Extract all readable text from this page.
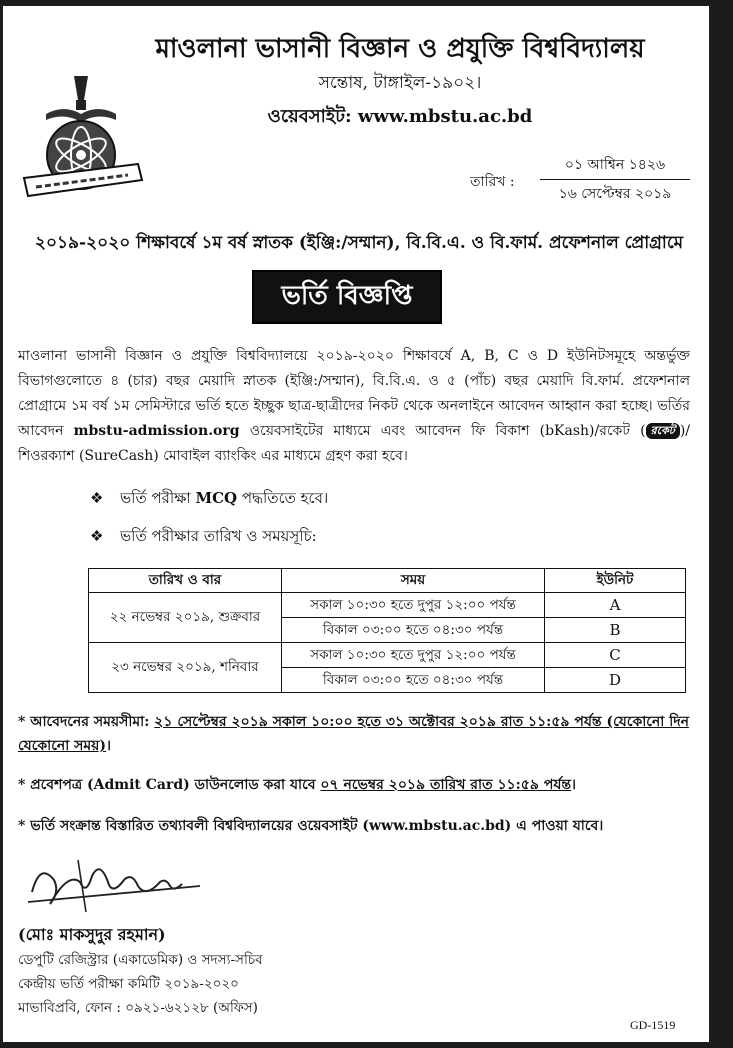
মাওলানা ভাসানী বিজ্ঞান ও প্রযুক্তি বিশ্ববিদ্যালয়
সন্তোষ, টাঙ্গাইল-১৯০২।
ওয়েবসাইট: www.mbstu.ac.bd
তারিখ :
০১ আশ্বিন ১৪২৬
১৬ সেপ্টেম্বর ২০১৯
২০১৯-২০২০ শিক্ষাবর্ষে ১ম বর্ষ স্নাতক (ইঞ্জি:/সম্মান), বি.বি.এ. ও বি.ফার্ম. প্রফেশনাল প্রোগ্রামে
ভর্তি বিজ্ঞপ্তি
মাওলানা ভাসানী বিজ্ঞান ও প্রযুক্তি বিশ্ববিদ্যালয়ে ২০১৯-২০২০ শিক্ষাবর্ষে A, B, C ও D ইউনিটসমূহে অন্তর্ভুক্ত বিভাগগুলোতে ৪ (চার) বছর মেয়াদি স্নাতক (ইঞ্জি:/সম্মান), বি.বি.এ. ও ৫ (পাঁচ) বছর মেয়াদি বি.ফার্ম. প্রফেশনাল প্রোগ্রামে ১ম বর্ষ ১ম সেমিস্টারে ভর্তি হতে ইচ্ছুক ছাত্র-ছাত্রীদের নিকট থেকে অনলাইনে আবেদন আহ্বান করা হচ্ছে। ভর্তির আবেদন mbstu-admission.org ওয়েবসাইটের মাধ্যমে এবং আবেদন ফি বিকাশ (bKash)/রকেট ( রকেট )/শিওরক্যাশ (SureCash) মোবাইল ব্যাংকিং এর মাধ্যমে গ্রহণ করা হবে।
❖ ভর্তি পরীক্ষা MCQ পদ্ধতিতে হবে।
❖ ভর্তি পরীক্ষার তারিখ ও সময়সূচি:
তারিখ ও বার	সময়	ইউনিট
২২ নভেম্বর ২০১৯, শুক্রবার	সকাল ১০:৩০ হতে দুপুর ১২:০০ পর্যন্ত	A
	বিকাল ০৩:০০ হতে ০৪:৩০ পর্যন্ত	B
২৩ নভেম্বর ২০১৯, শনিবার	সকাল ১০:৩০ হতে দুপুর ১২:০০ পর্যন্ত	C
	বিকাল ০৩:০০ হতে ০৪:৩০ পর্যন্ত	D
* আবেদনের সময়সীমা: ২১ সেপ্টেম্বর ২০১৯ সকাল ১০:০০ হতে ৩১ অক্টোবর ২০১৯ রাত ১১:৫৯ পর্যন্ত (যেকোনো দিন যেকোনো সময়)।
* প্রবেশপত্র (Admit Card) ডাউনলোড করা যাবে ০৭ নভেম্বর ২০১৯ তারিখ রাত ১১:৫৯ পর্যন্ত।
* ভর্তি সংক্রান্ত বিস্তারিত তথ্যাবলী বিশ্ববিদ্যালয়ের ওয়েবসাইট (www.mbstu.ac.bd) এ পাওয়া যাবে।
(মোঃ মাকসুদুর রহমান)
ডেপুটি রেজিস্ট্রার (একাডেমিক) ও সদস্য-সচিব
কেন্দ্রীয় ভর্তি পরীক্ষা কমিটি ২০১৯-২০২০
মাভাবিপ্রবি, ফোন : ০৯২১-৬২১২৮ (অফিস)
GD-1519
